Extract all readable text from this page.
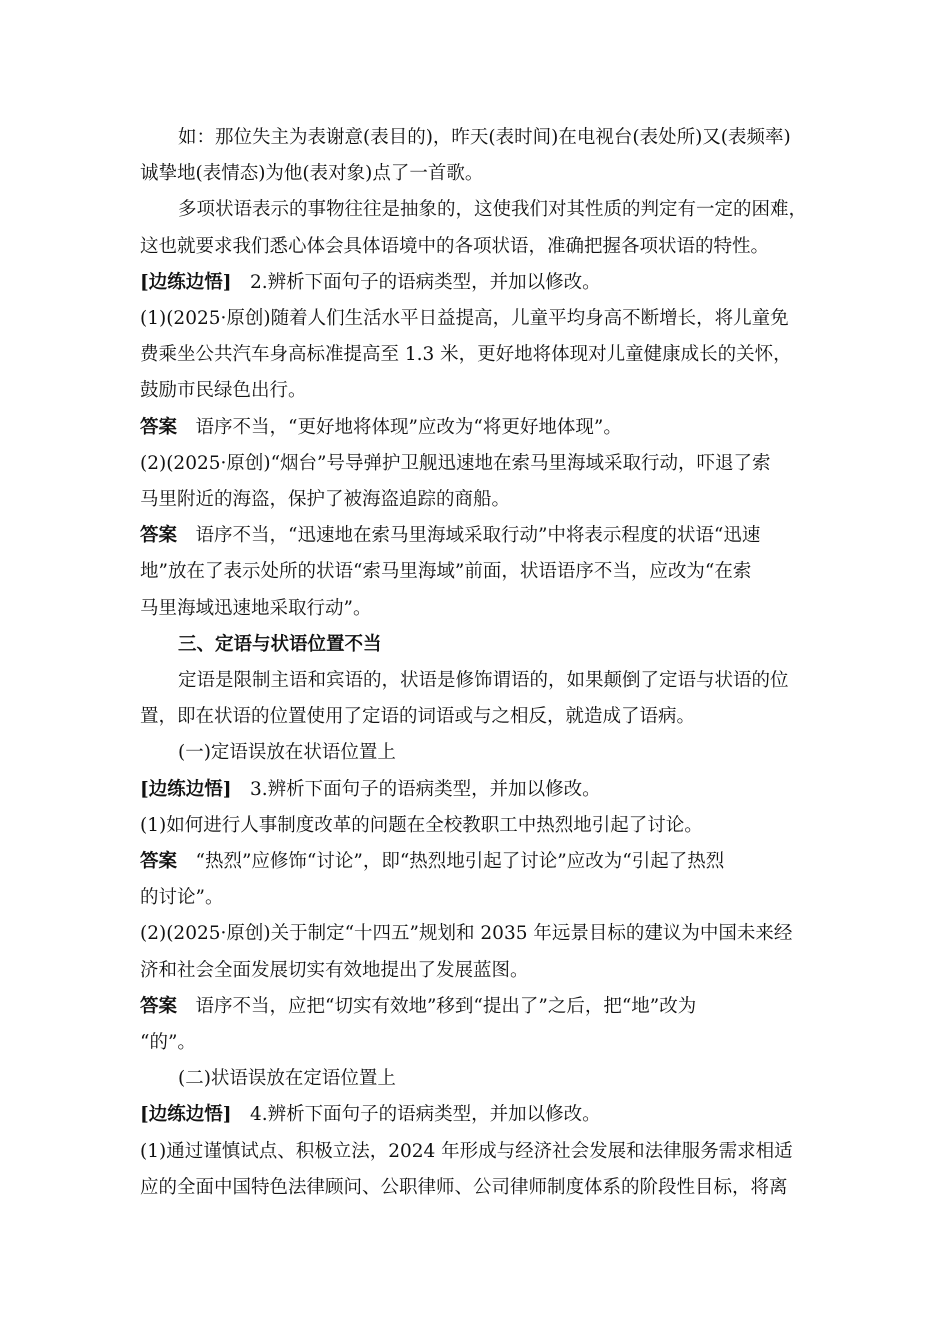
如：那位失主为表谢意(表目的)，昨天(表时间)在电视台(表处所)又(表频率)
诚挚地(表情态)为他(表对象)点了一首歌。
多项状语表示的事物往往是抽象的，这使我们对其性质的判定有一定的困难，
这也就要求我们悉心体会具体语境中的各项状语，准确把握各项状语的特性。
[边练边悟]　2.辨析下面句子的语病类型，并加以修改。
(1)(2025·原创)随着人们生活水平日益提高，儿童平均身高不断增长，将儿童免
费乘坐公共汽车身高标准提高至 1.3 米，更好地将体现对儿童健康成长的关怀，
鼓励市民绿色出行。
答案　语序不当，“更好地将体现”应改为“将更好地体现”。
(2)(2025·原创)“烟台”号导弹护卫舰迅速地在索马里海域采取行动，吓退了索
马里附近的海盗，保护了被海盗追踪的商船。
答案　语序不当，“迅速地在索马里海域采取行动”中将表示程度的状语“迅速
地”放在了表示处所的状语“索马里海域”前面，状语语序不当，应改为“在索
马里海域迅速地采取行动”。
三、定语与状语位置不当
定语是限制主语和宾语的，状语是修饰谓语的，如果颠倒了定语与状语的位
置，即在状语的位置使用了定语的词语或与之相反，就造成了语病。
(一)定语误放在状语位置上
[边练边悟]　3.辨析下面句子的语病类型，并加以修改。
(1)如何进行人事制度改革的问题在全校教职工中热烈地引起了讨论。
答案　“热烈”应修饰“讨论”，即“热烈地引起了讨论”应改为“引起了热烈
的讨论”。
(2)(2025·原创)关于制定“十四五”规划和 2035 年远景目标的建议为中国未来经
济和社会全面发展切实有效地提出了发展蓝图。
答案　语序不当，应把“切实有效地”移到“提出了”之后，把“地”改为
“的”。
(二)状语误放在定语位置上
[边练边悟]　4.辨析下面句子的语病类型，并加以修改。
(1)通过谨慎试点、积极立法，2024 年形成与经济社会发展和法律服务需求相适
应的全面中国特色法律顾问、公职律师、公司律师制度体系的阶段性目标，将离
